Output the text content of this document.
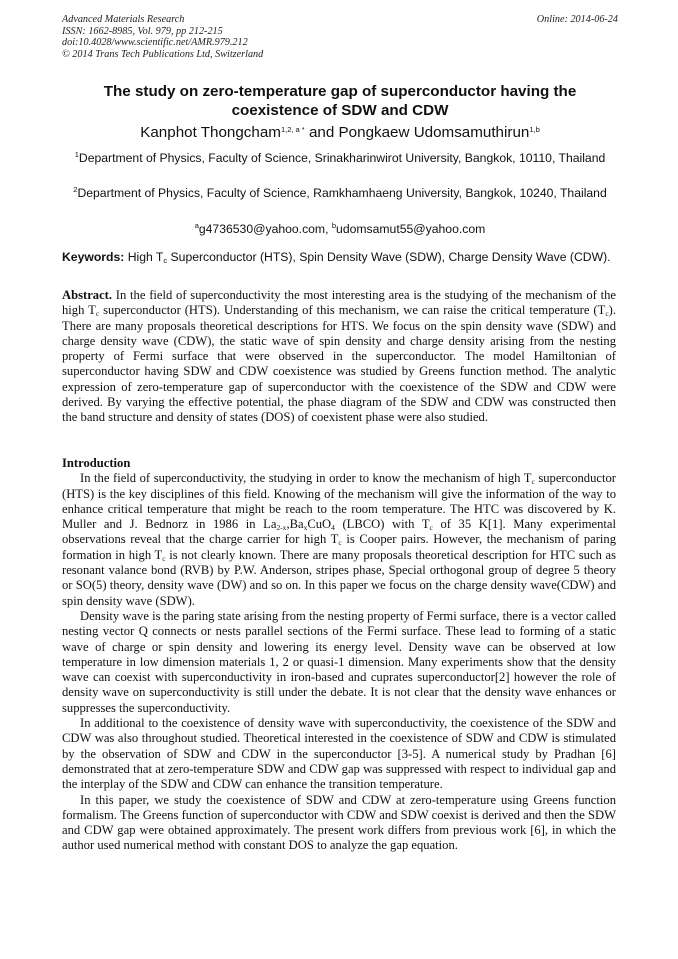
Advanced Materials Research
ISSN: 1662-8985, Vol. 979, pp 212-215
doi:10.4028/www.scientific.net/AMR.979.212
© 2014 Trans Tech Publications Ltd, Switzerland
Online: 2014-06-24
The study on zero-temperature gap of superconductor having the
coexistence of SDW and CDW
Kanphot Thongcham$^{1,2, a *}$ and Pongkaew Udomsamuthirun$^{1,b}$
$^1$Department of Physics, Faculty of Science, Srinakharinwirot University, Bangkok, 10110, Thailand
$^2$Department of Physics, Faculty of Science, Ramkhamhaeng University, Bangkok, 10240, Thailand
$^a$g4736530@yahoo.com, $^b$udomsamut55@yahoo.com
Keywords: High $T_c$ Superconductor (HTS), Spin Density Wave (SDW), Charge Density Wave (CDW).

Abstract. In the field of superconductivity the most interesting area is the studying of the mechanism of the high $T_c$ superconductor (HTS). Understanding of this mechanism, we can raise the critical temperature $(T_c)$. There are many proposals theoretical descriptions for HTS. We focus on the spin density wave (SDW) and charge density wave (CDW), the static wave of spin density and charge density arising from the nesting property of Fermi surface that were observed in the superconductor. The model Hamiltonian of superconductor having SDW and CDW coexistence was studied by Greens function method. The analytic expression of zero-temperature gap of superconductor with the coexistence of the SDW and CDW were derived. By varying the effective potential, the phase diagram of the SDW and CDW was constructed then the band structure and density of states (DOS) of coexistent phase were also studied.

Introduction

In the field of superconductivity, the studying in order to know the mechanism of high $T_c$ superconductor (HTS) is the key disciplines of this field. Knowing of the mechanism will give the information of the way to enhance critical temperature that might be reach to the room temperature. The HTC was discovered by K. Muller and J. Bednorz in 1986 in $La_{2-x},Ba_xCuO_4$ (LBCO) with $T_c$ of 35 K[1]. Many experimental observations reveal that the charge carrier for high $T_c$ is Cooper pairs. However, the mechanism of paring formation in high $T_c$ is not clearly known. There are many proposals theoretical description for HTC such as resonant valance bond (RVB) by P.W. Anderson, stripes phase, Special orthogonal group of degree 5 theory or SO(5) theory, density wave (DW) and so on. In this paper we focus on the charge density wave(CDW) and spin density wave (SDW).

Density wave is the paring state arising from the nesting property of Fermi surface, there is a vector called nesting vector Q connects or nests parallel sections of the Fermi surface. These lead to forming of a static wave of charge or spin density and lowering its energy level. Density wave can be observed at low temperature in low dimension materials 1, 2 or quasi-1 dimension. Many experiments show that the density wave can coexist with superconductivity in iron-based and cuprates superconductor[2] however the role of density wave on superconductivity is still under the debate. It is not clear that the density wave enhances or suppresses the superconductivity.

In additional to the coexistence of density wave with superconductivity, the coexistence of the SDW and CDW was also throughout studied. Theoretical interested in the coexistence of SDW and CDW is stimulated by the observation of SDW and CDW in the superconductor [3-5]. A numerical study by Pradhan [6] demonstrated that at zero-temperature SDW and CDW gap was suppressed with respect to individual gap and the interplay of the SDW and CDW can enhance the transition temperature.

In this paper, we study the coexistence of SDW and CDW at zero-temperature using Greens function formalism. The Greens function of superconductor with CDW and SDW coexist is derived and then the SDW and CDW gap were obtained approximately. The present work differs from previous work [6], in which the author used numerical method with constant DOS to analyze the gap equation.
